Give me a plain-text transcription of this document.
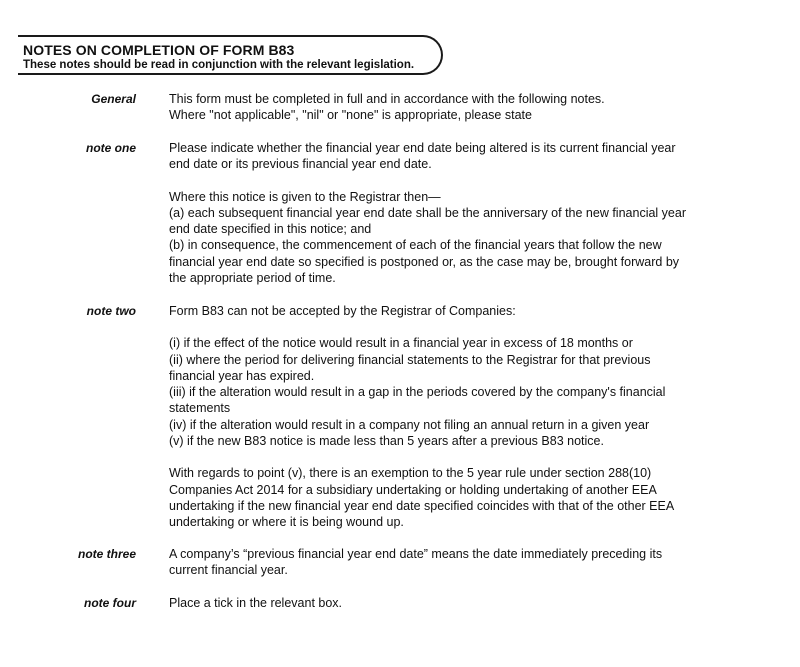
NOTES ON COMPLETION OF FORM B83
These notes should be read in conjunction with the relevant legislation.
General	This form must be completed in full and in accordance with the following notes.
Where "not applicable", "nil" or "none" is appropriate, please state

note one	Please indicate whether the financial year end date being altered is its current financial year
end date or its previous financial year end date.

Where this notice is given to the Registrar then—
(a) each subsequent financial year end date shall be the anniversary of the new financial year
end date specified in this notice; and
(b) in consequence, the commencement of each of the financial years that follow the new
financial year end date so specified is postponed or, as the case may be, brought forward by
the appropriate period of time.

note two	Form B83 can not be accepted by the Registrar of Companies:

(i) if the effect of the notice would result in a financial year in excess of 18 months or
(ii) where the period for delivering financial statements to the Registrar for that previous
financial year has expired.
(iii) if the alteration would result in a gap in the periods covered by the company's financial
statements
(iv) if the alteration would result in a company not filing an annual return in a given year
(v) if the new B83 notice is made less than 5 years after a previous B83 notice.

With regards to point (v), there is an exemption to the 5 year rule under section 288(10)
Companies Act 2014 for a subsidiary undertaking or holding undertaking of another EEA
undertaking if the new financial year end date specified coincides with that of the other EEA
undertaking or where it is being wound up.

note three	A company’s “previous financial year end date” means the date immediately preceding its
current financial year.

note four	Place a tick in the relevant box.
